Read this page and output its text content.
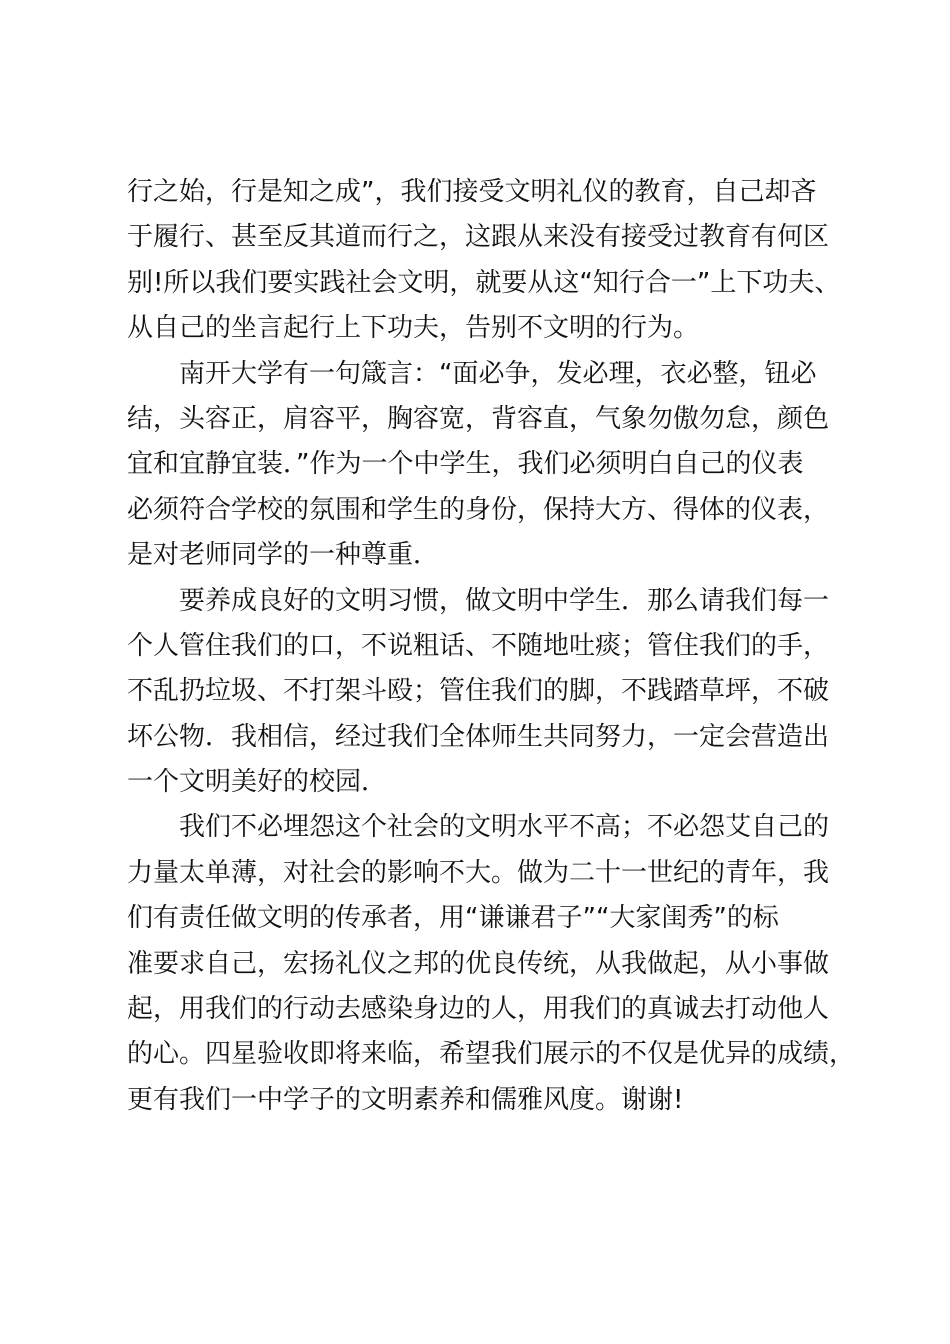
行之始，行是知之成”，我们接受文明礼仪的教育，自己却吝
于履行、甚至反其道而行之，这跟从来没有接受过教育有何区
别!所以我们要实践社会文明，就要从这“知行合一”上下功夫、
从自己的坐言起行上下功夫，告别不文明的行为。
南开大学有一句箴言：“面必争，发必理，衣必整，钮必
结，头容正，肩容平，胸容宽，背容直，气象勿傲勿怠，颜色
宜和宜静宜装．”作为一个中学生，我们必须明白自己的仪表
必须符合学校的氛围和学生的身份，保持大方、得体的仪表，
是对老师同学的一种尊重．
要养成良好的文明习惯，做文明中学生．那么请我们每一
个人管住我们的口，不说粗话、不随地吐痰；管住我们的手，
不乱扔垃圾、不打架斗殴；管住我们的脚，不践踏草坪，不破
坏公物．我相信，经过我们全体师生共同努力，一定会营造出
一个文明美好的校园．
我们不必埋怨这个社会的文明水平不高；不必怨艾自己的
力量太单薄，对社会的影响不大。做为二十一世纪的青年，我
们有责任做文明的传承者，用“谦谦君子”“大家闺秀”的标
准要求自己，宏扬礼仪之邦的优良传统，从我做起，从小事做
起，用我们的行动去感染身边的人，用我们的真诚去打动他人
的心。四星验收即将来临，希望我们展示的不仅是优异的成绩，
更有我们一中学子的文明素养和儒雅风度。谢谢!
